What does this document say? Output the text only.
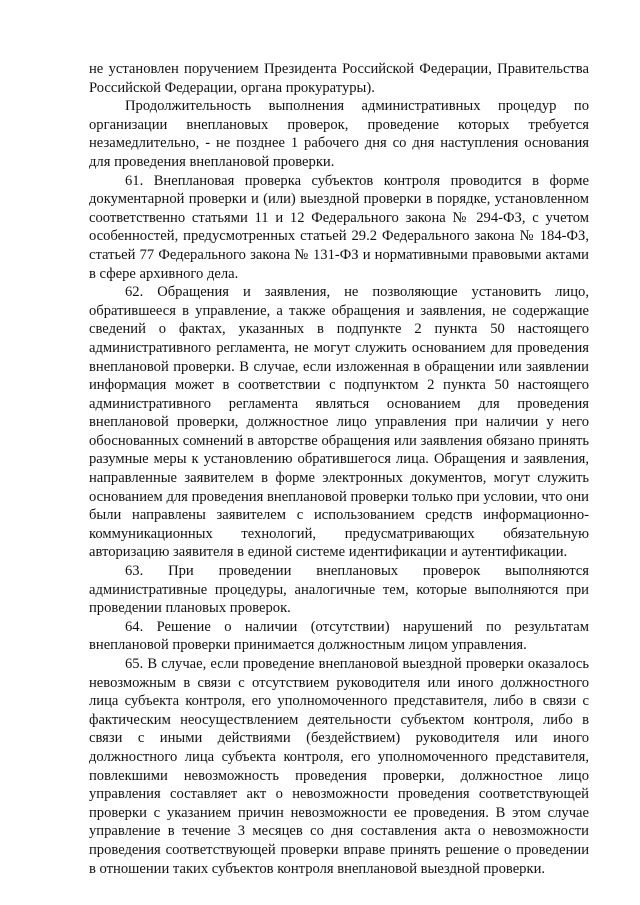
не установлен поручением Президента Российской Федерации, Правительства Российской Федерации, органа прокуратуры).

Продолжительность выполнения административных процедур по организации внеплановых проверок, проведение которых требуется незамедлительно, - не позднее 1 рабочего дня со дня наступления основания для проведения внеплановой проверки.

61. Внеплановая проверка субъектов контроля проводится в форме документарной проверки и (или) выездной проверки в порядке, установленном соответственно статьями 11 и 12 Федерального закона № 294-ФЗ, с учетом особенностей, предусмотренных статьей 29.2 Федерального закона № 184-ФЗ, статьей 77 Федерального закона № 131-ФЗ и нормативными правовыми актами в сфере архивного дела.

62. Обращения и заявления, не позволяющие установить лицо, обратившееся в управление, а также обращения и заявления, не содержащие сведений о фактах, указанных в подпункте 2 пункта 50 настоящего административного регламента, не могут служить основанием для проведения внеплановой проверки. В случае, если изложенная в обращении или заявлении информация может в соответствии с подпунктом 2 пункта 50 настоящего административного регламента являться основанием для проведения внеплановой проверки, должностное лицо управления при наличии у него обоснованных сомнений в авторстве обращения или заявления обязано принять разумные меры к установлению обратившегося лица. Обращения и заявления, направленные заявителем в форме электронных документов, могут служить основанием для проведения внеплановой проверки только при условии, что они были направлены заявителем с использованием средств информационно-коммуникационных технологий, предусматривающих обязательную авторизацию заявителя в единой системе идентификации и аутентификации.

63. При проведении внеплановых проверок выполняются административные процедуры, аналогичные тем, которые выполняются при проведении плановых проверок.

64. Решение о наличии (отсутствии) нарушений по результатам внеплановой проверки принимается должностным лицом управления.

65. В случае, если проведение внеплановой выездной проверки оказалось невозможным в связи с отсутствием руководителя или иного должностного лица субъекта контроля, его уполномоченного представителя, либо в связи с фактическим неосуществлением деятельности субъектом контроля, либо в связи с иными действиями (бездействием) руководителя или иного должностного лица субъекта контроля, его уполномоченного представителя, повлекшими невозможность проведения проверки, должностное лицо управления составляет акт о невозможности проведения соответствующей проверки с указанием причин невозможности ее проведения. В этом случае управление в течение 3 месяцев со дня составления акта о невозможности проведения соответствующей проверки вправе принять решение о проведении в отношении таких субъектов контроля внеплановой выездной проверки.
